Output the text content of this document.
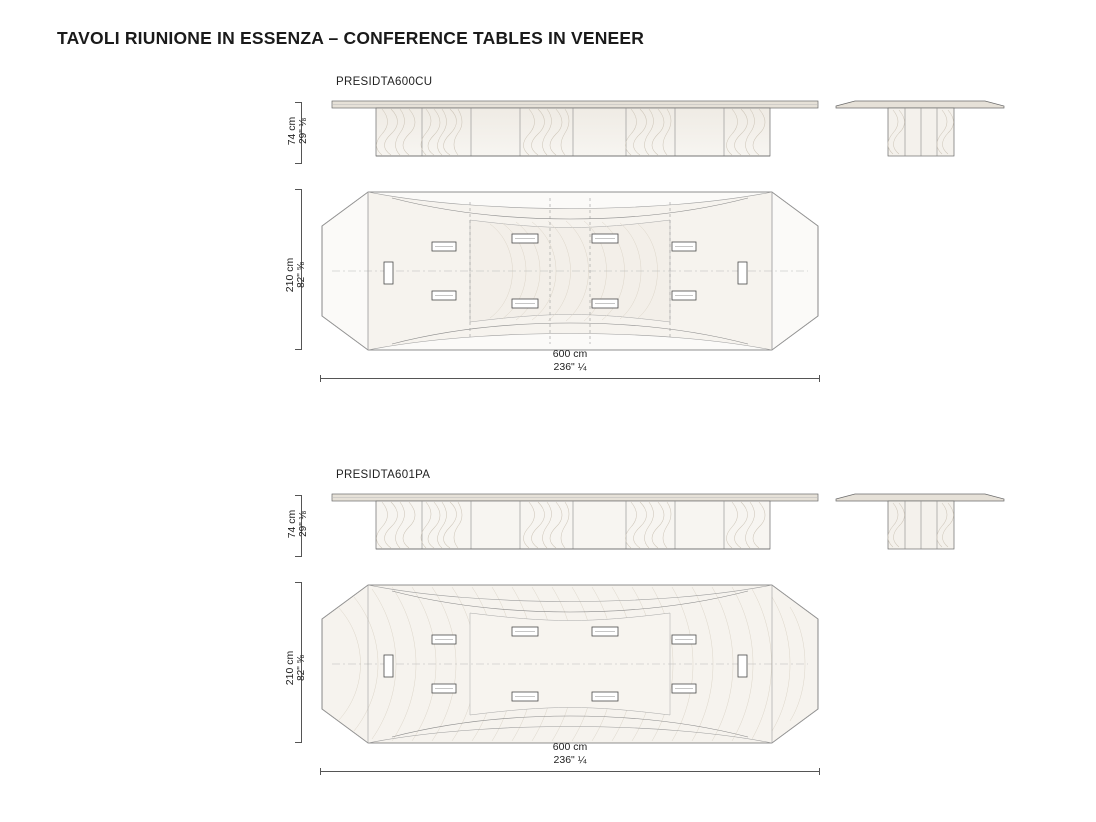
TAVOLI RIUNIONE IN ESSENZA – CONFERENCE TABLES IN VENEER
PRESIDTA600CU
74 cm 29" ⅛
210 cm 82" ⅝
600 cm
236" ¼
PRESIDTA601PA
74 cm 29" ⅛
210 cm 82" ⅝
600 cm
236" ¼
